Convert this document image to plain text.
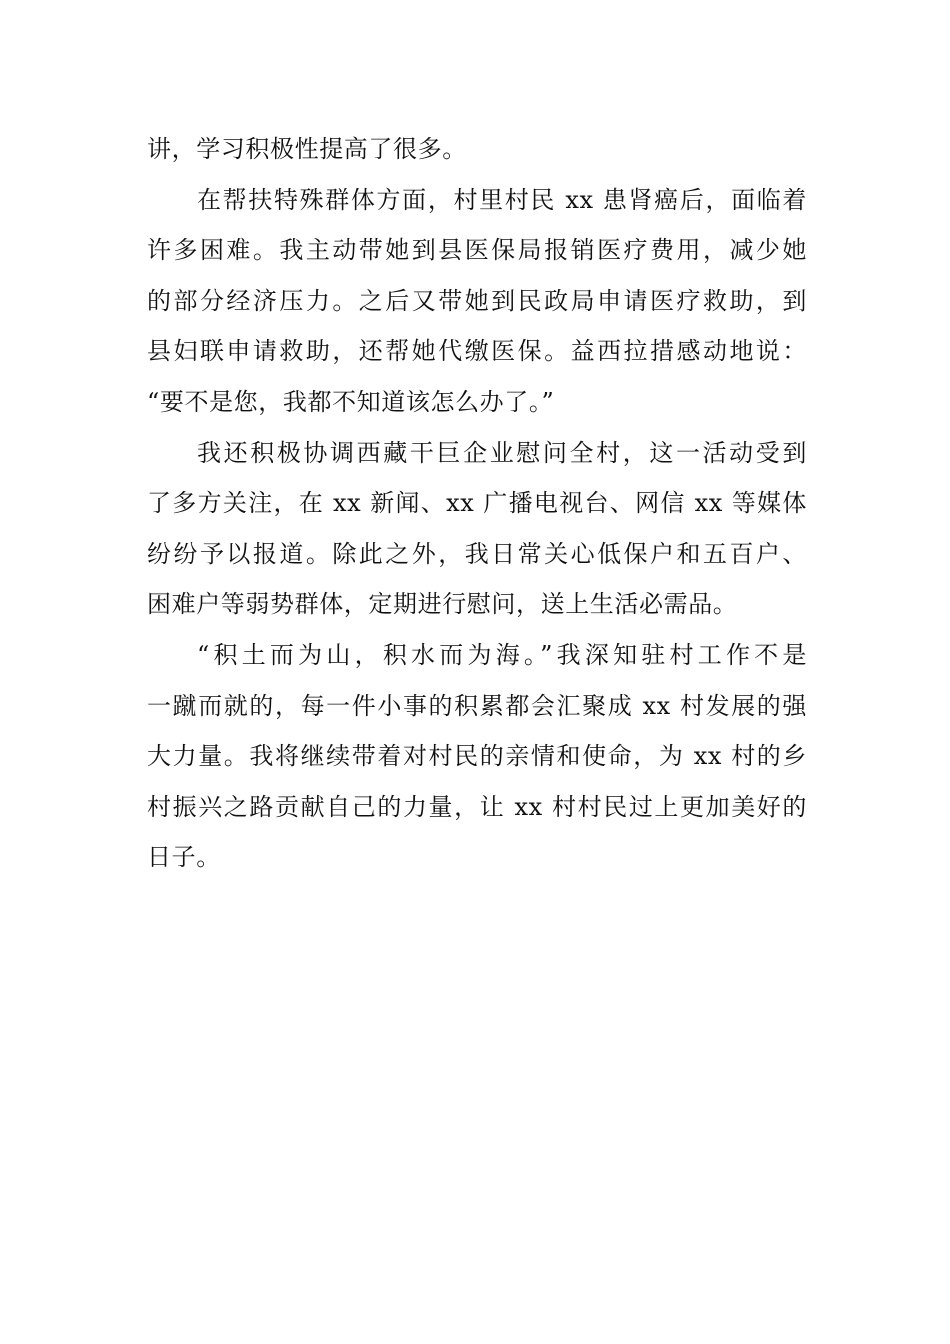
讲，学习积极性提高了很多。
在帮扶特殊群体方面，村里村民 xx 患肾癌后，面临着
许多困难。我主动带她到县医保局报销医疗费用，减少她
的部分经济压力。之后又带她到民政局申请医疗救助，到
县妇联申请救助，还帮她代缴医保。益西拉措感动地说：
“要不是您，我都不知道该怎么办了。”
我还积极协调西藏干巨企业慰问全村，这一活动受到
了多方关注，在 xx 新闻、xx 广播电视台、网信 xx 等媒体
纷纷予以报道。除此之外，我日常关心低保户和五百户、
困难户等弱势群体，定期进行慰问，送上生活必需品。
“积土而为山，积水而为海。”我深知驻村工作不是
一蹴而就的，每一件小事的积累都会汇聚成 xx 村发展的强
大力量。我将继续带着对村民的亲情和使命，为 xx 村的乡
村振兴之路贡献自己的力量，让 xx 村村民过上更加美好的
日子。
